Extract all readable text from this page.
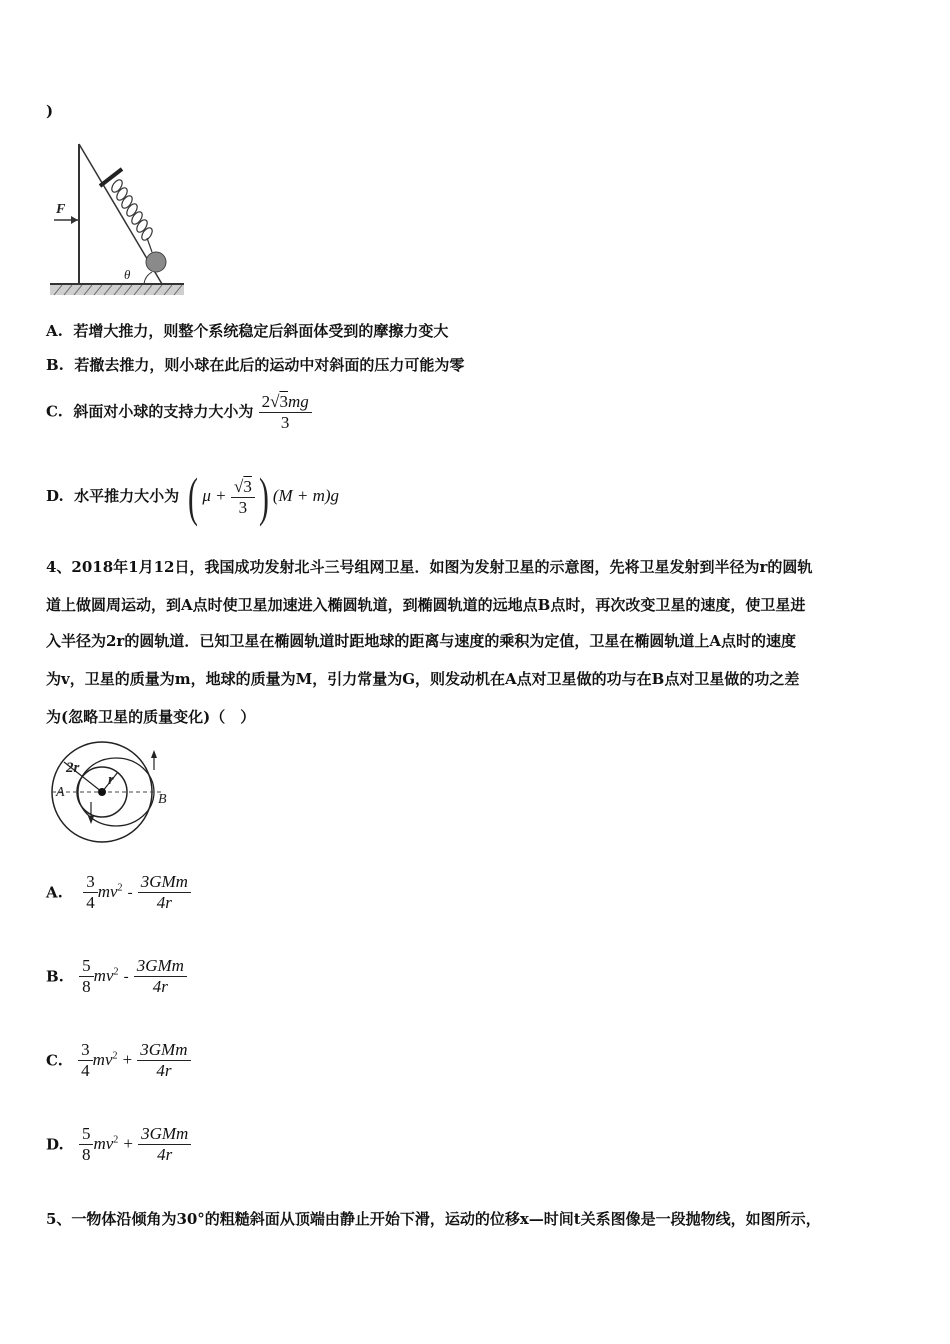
)
F
θ
A. 若增大推力，则整个系统稳定后斜面体受到的摩擦力变大
B. 若撤去推力，则小球在此后的运动中对斜面的压力可能为零
C. 斜面对小球的支持力大小为 $\frac{2√3mg}{3}$
D. 水平推力大小为 ( $\mu + \frac{√3}{3}$ ) (M + m)g
4、2018年1月12日，我国成功发射北斗三号组网卫星．如图为发射卫星的示意图，先将卫星发射到半径为r的圆轨
道上做圆周运动，到A点时使卫星加速进入椭圆轨道，到椭圆轨道的远地点B点时，再次改变卫星的速度，使卫星进
入半径为2r的圆轨道．已知卫星在椭圆轨道时距地球的距离与速度的乘积为定值，卫星在椭圆轨道上A点时的速度
为v，卫星的质量为m，地球的质量为M，引力常量为G，则发动机在A点对卫星做的功与在B点对卫星做的功之差
为(忽略卫星的质量变化)（　）
2r
r
A	B
A. $\frac{3}{4} mv^2 - \frac{\text{3GMm}}{4r}$
B. $\frac{5}{8} mv^2 - \frac{\text{3GMm}}{4r}$
C. $\frac{3}{4} mv^2 + \frac{\text{3GMm}}{4r}$
D. $\frac{5}{8} mv^2 + \frac{\text{3GMm}}{4r}$
5、一物体沿倾角为30°的粗糙斜面从顶端由静止开始下滑，运动的位移x—时间t关系图像是一段抛物线，如图所示，
